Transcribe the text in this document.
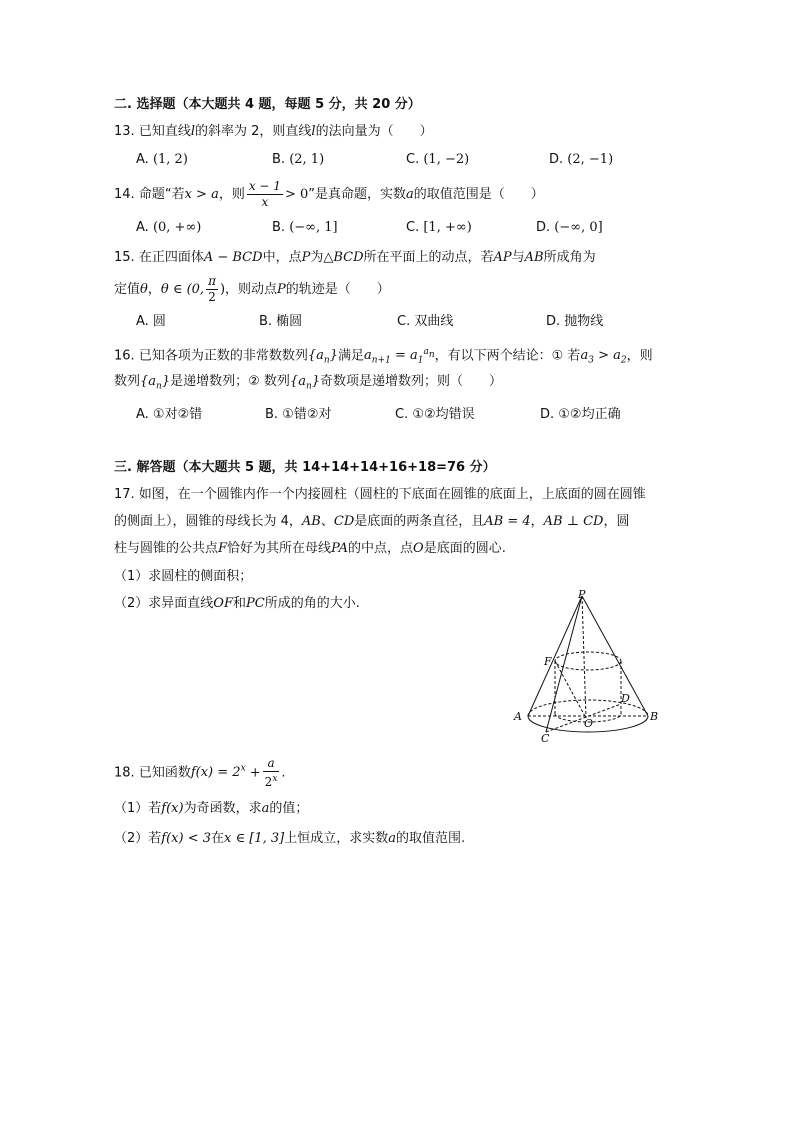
二. 选择题（本大题共 4 题，每题 5 分，共 20 分）
13. 已知直线l的斜率为 2，则直线l的法向量为（　　）
A. (1, 2)	B. (2, 1)	C. (1, −2)	D. (2, −1)
14. 命题“若x > a，则 $\frac{x - 1}{x} > 0$”是真命题，实数a的取值范围是（　　）
A. (0, +∞)	B. (−∞, 1]	C. [1, +∞)	D. (−∞, 0]
15. 在正四面体A − BCD中，点P为△BCD所在平面上的动点，若AP与AB所成角为
定值θ，θ ∈ (0, $\frac{\pi}{2}$ )，则动点P的轨迹是（　　）
A. 圆	B. 椭圆	C. 双曲线	D. 抛物线
16. 已知各项为正数的非常数数列$\{a_n\}$满足$a_{n+1} = a_1^{a_n}$，有以下两个结论：① 若$a_3 > a_2$，则
数列$\{a_n\}$是递增数列；② 数列$\{a_n\}$奇数项是递增数列；则（　　）
A. ①对②错	B. ①错②对	C. ①②均错误	D. ①②均正确
三. 解答题（本大题共 5 题，共 14+14+14+16+18=76 分）
17. 如图，在一个圆锥内作一个内接圆柱（圆柱的下底面在圆锥的底面上，上底面的圆在圆锥
的侧面上），圆锥的母线长为 4，AB、CD是底面的两条直径，且AB = 4，AB ⊥ CD，圆
柱与圆锥的公共点F恰好为其所在母线PA的中点，点O是底面的圆心.
（1）求圆柱的侧面积；
（2）求异面直线OF和PC所成的角的大小.
P
F
D
A
O
B
C
18. 已知函数$f(x) = 2^x + \frac{a}{2^x}$ .
（1）若f(x)为奇函数，求a的值；
（2）若f(x) < 3在x ∈ [1, 3]上恒成立，求实数a的取值范围.
